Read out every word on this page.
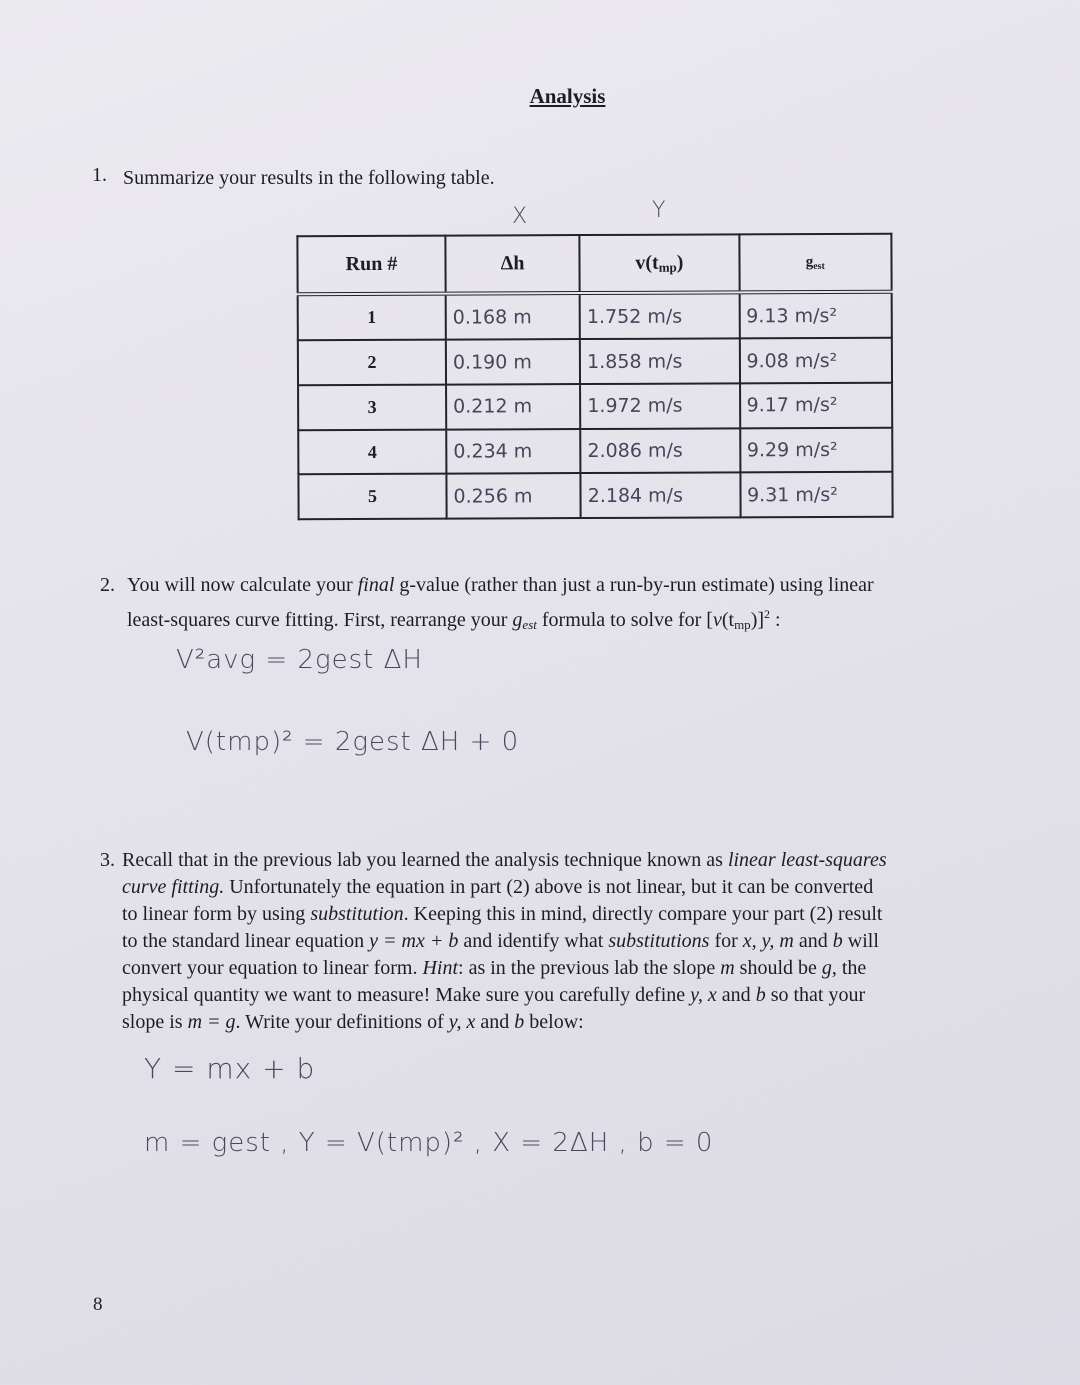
Analysis
1. Summarize your results in the following table.
X	Y
Run #	Δh	$v(t_{mp})$	$g_{est}$
1	0.168 m	1.752 m/s	9.13 m/s²
2	0.190 m	1.858 m/s	9.08 m/s²
3	0.212 m	1.972 m/s	9.17 m/s²
4	0.234 m	2.086 m/s	9.29 m/s²
5	0.256 m	2.184 m/s	9.31 m/s²
2. You will now calculate your final g-value (rather than just a run-by-run estimate) using linear
least-squares curve fitting. First, rearrange your $g_{est}$ formula to solve for $[v(t_{mp})]^2$ :
V²avg = 2gest ΔH
V(tmp)² = 2gest ΔH + 0
3. Recall that in the previous lab you learned the analysis technique known as linear least-squares
curve fitting. Unfortunately the equation in part (2) above is not linear, but it can be converted
to linear form by using substitution. Keeping this in mind, directly compare your part (2) result
to the standard linear equation y = mx + b and identify what substitutions for x, y, m and b will
convert your equation to linear form. Hint: as in the previous lab the slope m should be g, the
physical quantity we want to measure! Make sure you carefully define y, x and b so that your
slope is m = g. Write your definitions of y, x and b below:
Y = mx + b
m = gest , Y = V(tmp)² , X = 2ΔH , b = 0
8
